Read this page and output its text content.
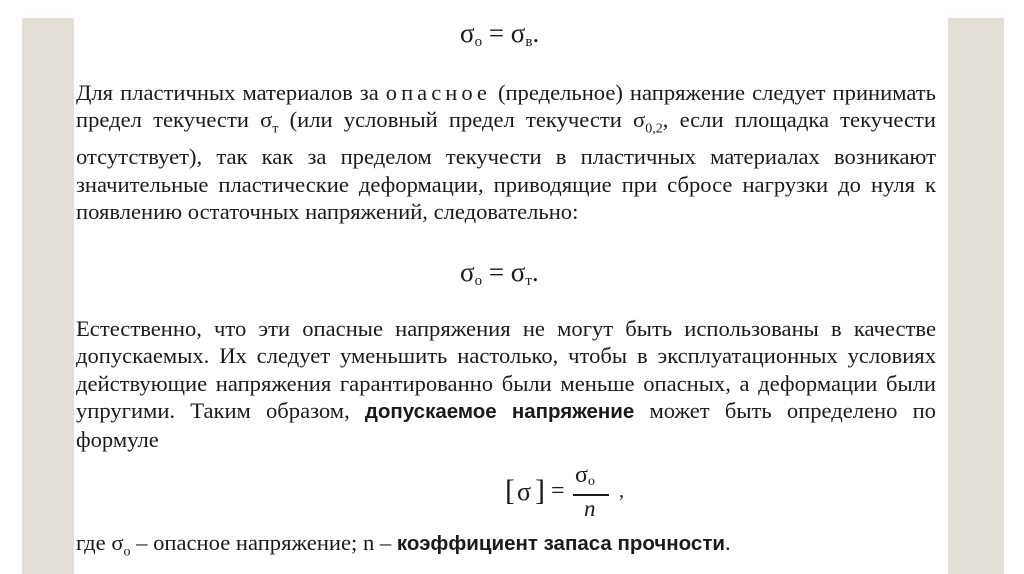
$\sigma_о = \sigma_в$.

Для пластичных материалов за опасное (предельное) напряжение следует принимать предел текучести $\sigma_т$ (или условный предел текучести $\sigma_{0,2}$, если площадка текучести отсутствует), так как за пределом текучести в пластичных материалах возникают значительные пластические деформации, приводящие при сбросе нагрузки до нуля к появлению остаточных напряжений, следовательно:

$\sigma_о = \sigma_т$.

Естественно, что эти опасные напряжения не могут быть использованы в качестве допускаемых. Их следует уменьшить настолько, чтобы в эксплуатационных условиях действующие напряжения гарантированно были меньше опасных, а деформации были упругими. Таким образом, допускаемое напряжение может быть определено по формуле

[ σ ] =
$\sigma_о$
n
,
где $\sigma_о$ – опасное напряжение; n – коэффициент запаса прочности.
